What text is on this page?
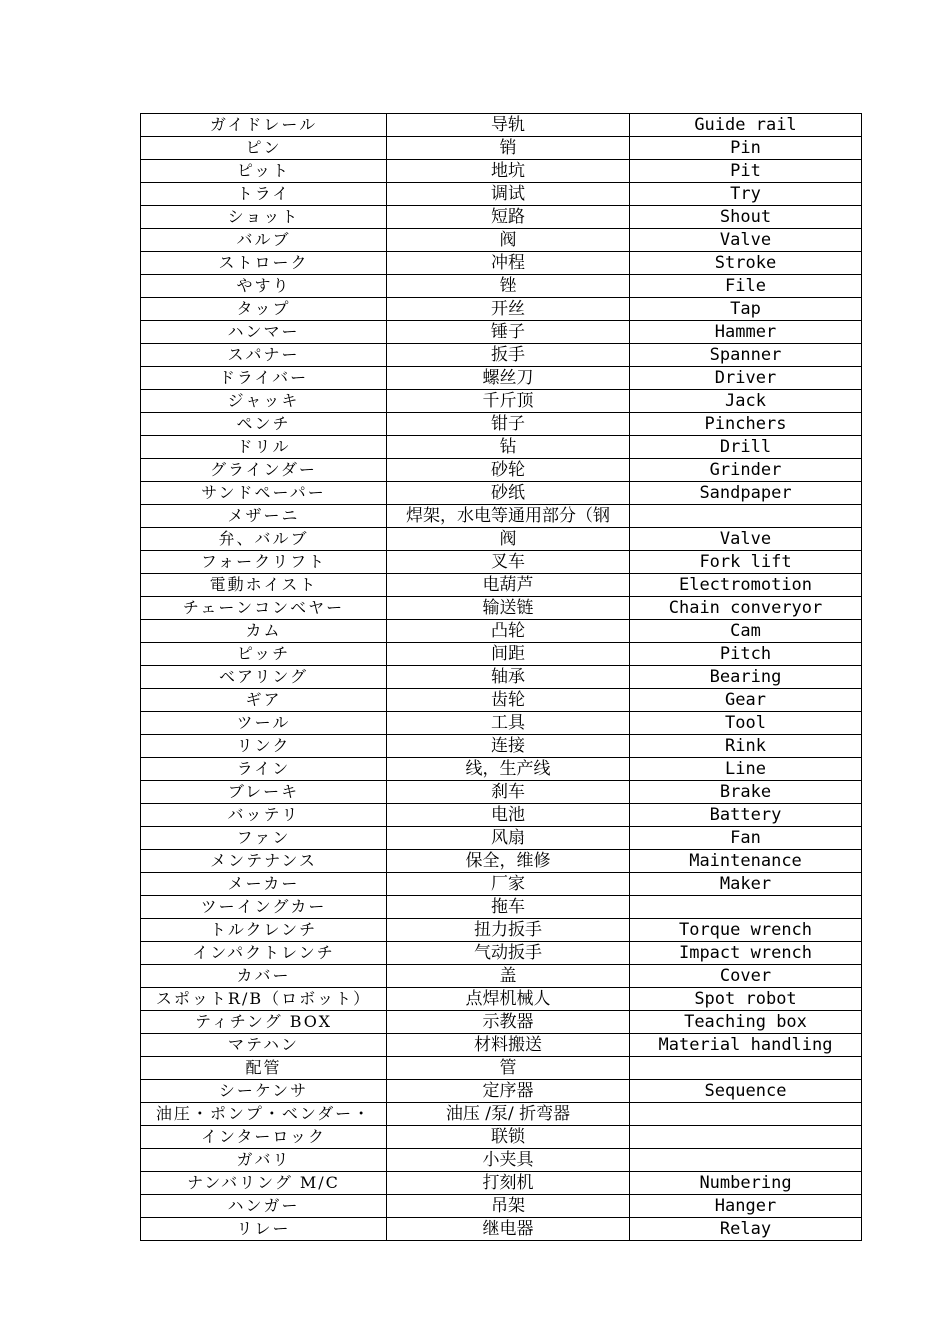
ガイドレール	导轨	Guide rail
ピン	销	Pin
ピット	地坑	Pit
トライ	调试	Try
ショット	短路	Shout
バルブ	阀	Valve
ストローク	冲程	Stroke
やすり	锉	File
タップ	开丝	Tap
ハンマー	锤子	Hammer
スパナー	扳手	Spanner
ドライバー	螺丝刀	Driver
ジャッキ	千斤顶	Jack
ペンチ	钳子	Pinchers
ドリル	钻	Drill
グラインダー	砂轮	Grinder
サンドペーパー	砂纸	Sandpaper
メザーニ	焊架，水电等通用部分（钢	
弁、バルブ	阀	Valve
フォークリフト	叉车	Fork lift
電動ホイスト	电葫芦	Electromotion
チェーンコンベヤー	输送链	Chain converyor
カム	凸轮	Cam
ピッチ	间距	Pitch
ベアリング	轴承	Bearing
ギア	齿轮	Gear
ツール	工具	Tool
リンク	连接	Rink
ライン	线，生产线	Line
ブレーキ	刹车	Brake
バッテリ	电池	Battery
ファン	风扇	Fan
メンテナンス	保全，维修	Maintenance
メーカー	厂家	Maker
ツーイングカー	拖车	
トルクレンチ	扭力扳手	Torque wrench
インパクトレンチ	气动扳手	Impact wrench
カバー	盖	Cover
スポットR/B（ロボット）	点焊机械人	Spot robot
ティチング BOX	示教器	Teaching box
マテハン	材料搬送	Material handling
配管	管	
シーケンサ	定序器	Sequence
油圧・ポンプ・ベンダー・	油压 /泵/ 折弯器	
インターロック	联锁	
ガバリ	小夹具	
ナンバリング M/C	打刻机	Numbering
ハンガー	吊架	Hanger
リレー	继电器	Relay
